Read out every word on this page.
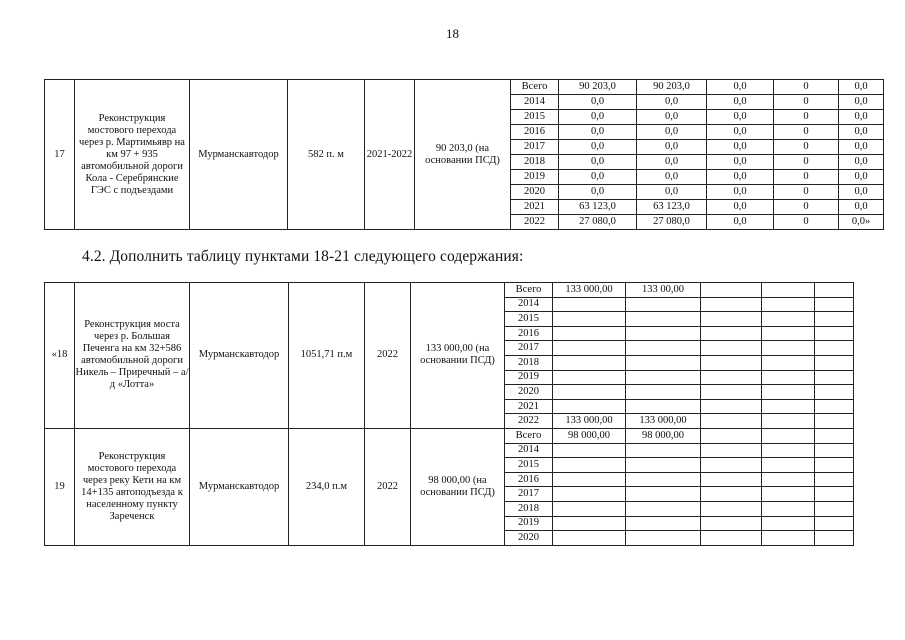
18
17	Реконструкция мостового перехода через р. Мартимьявр на км 97 + 935 автомобильной дороги Кола - Серебрянские ГЭС с подъездами	Мурманскавтодор	582 п. м	2021-2022	90 203,0 (на основании ПСД)	Всего	90 203,0	90 203,0	0,0	0	0,0
						2014	0,0	0,0	0,0	0	0,0
						2015	0,0	0,0	0,0	0	0,0
						2016	0,0	0,0	0,0	0	0,0
						2017	0,0	0,0	0,0	0	0,0
						2018	0,0	0,0	0,0	0	0,0
						2019	0,0	0,0	0,0	0	0,0
						2020	0,0	0,0	0,0	0	0,0
						2021	63 123,0	63 123,0	0,0	0	0,0
						2022	27 080,0	27 080,0	0,0	0	0,0»
4.2. Дополнить таблицу пунктами 18-21 следующего содержания:
«18	Реконструкция моста через р. Большая Печенга на км 32+586 автомобильной дороги Никель – Приречный – а/д «Лотта»	Мурманскавтодор	1051,71 п.м	2022	133 000,00 (на основании ПСД)	Всего	133 000,00	133 00,00			
						2014					
						2015					
						2016					
						2017					
						2018					
						2019					
						2020					
						2021					
						2022	133 000,00	133 000,00			
19	Реконструкция мостового перехода через реку Кети на км 14+135 автоподъезда к населенному пункту Зареченск	Мурманскавтодор	234,0 п.м	2022	98 000,00 (на основании ПСД)	Всего	98 000,00	98 000,00			
						2014					
						2015					
						2016					
						2017					
						2018					
						2019					
						2020					
